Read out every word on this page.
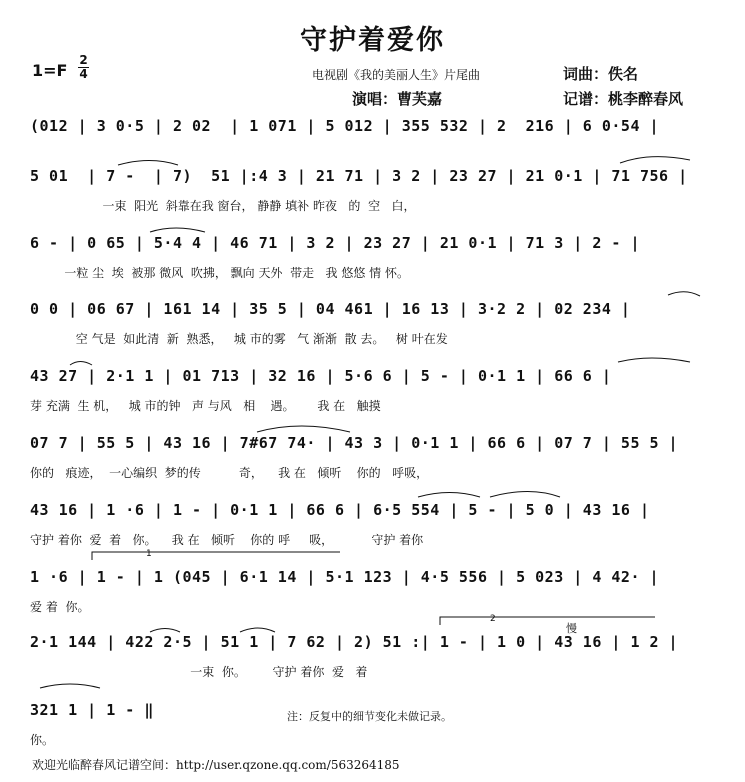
守护着爱你
1=F
2
4	电视剧《我的美丽人生》片尾曲	词曲：佚名
演唱：曹芙嘉	记谱：桃李醉春风
(012 | 3 0·5 | 2 02  | 1 071 | 5 012 | 355 532 | 2  216 | 6 0·54 |
5 01  | 7 -  | 7)  51 |:4 3 | 21 71 | 3 2 | 23 27 | 21 0·1 | 71 756 |
一束  阳光  斜靠在我 窗台， 静静 填补 昨夜   的  空   白，
6 - | 0 65 | 5·4 4 | 46 71 | 3 2 | 23 27 | 21 0·1 | 71 3 | 2 - |
一粒 尘  埃  被那 微风  吹拂， 飘向 天外  带走   我 悠悠 情 怀。
0 0 | 06 67 | 161 14 | 35 5 | 04 461 | 16 13 | 3·2 2 | 02 234 |
空 气是  如此清  新  熟悉，   城 市的雾   气 渐渐  散 去。   树 叶在发
43 27 | 2·1 1 | 01 713 | 32 16 | 5·6 6 | 5 - | 0·1 1 | 66 6 |
芽 充满  生 机，   城 市的钟   声 与风   相    遇。      我 在   触摸
07 7 | 55 5 | 43 16 | 7#67 74· | 43 3 | 0·1 1 | 66 6 | 07 7 | 55 5 |
你的   痕迹，  一心编织  梦的传          奇，    我 在   倾听    你的   呼吸，
43 16 | 1 ·6 | 1 - | 0·1 1 | 66 6 | 6·5 554 | 5 - | 5 0 | 43 16 |
守护 着你  爱  着   你。    我 在   倾听    你的 呼     吸，          守护 着你
1 ·6 | 1 - | 1 (045 | 6·1 14 | 5·1 123 | 4·5 556 | 5 023 | 4 42· |
爱 着  你。
2·1 144 | 422 2·5 | 51 1 | 7 62 | 2) 51 :| 1 - | 1 0 | 43 16 | 1 2 |
一束  你。       守护 着你  爱   着
321 1 | 1 - ‖
你。
1
2
慢
注：反复中的细节变化未做记录。
欢迎光临醉春风记谱空间：http://user.qzone.qq.com/563264185
